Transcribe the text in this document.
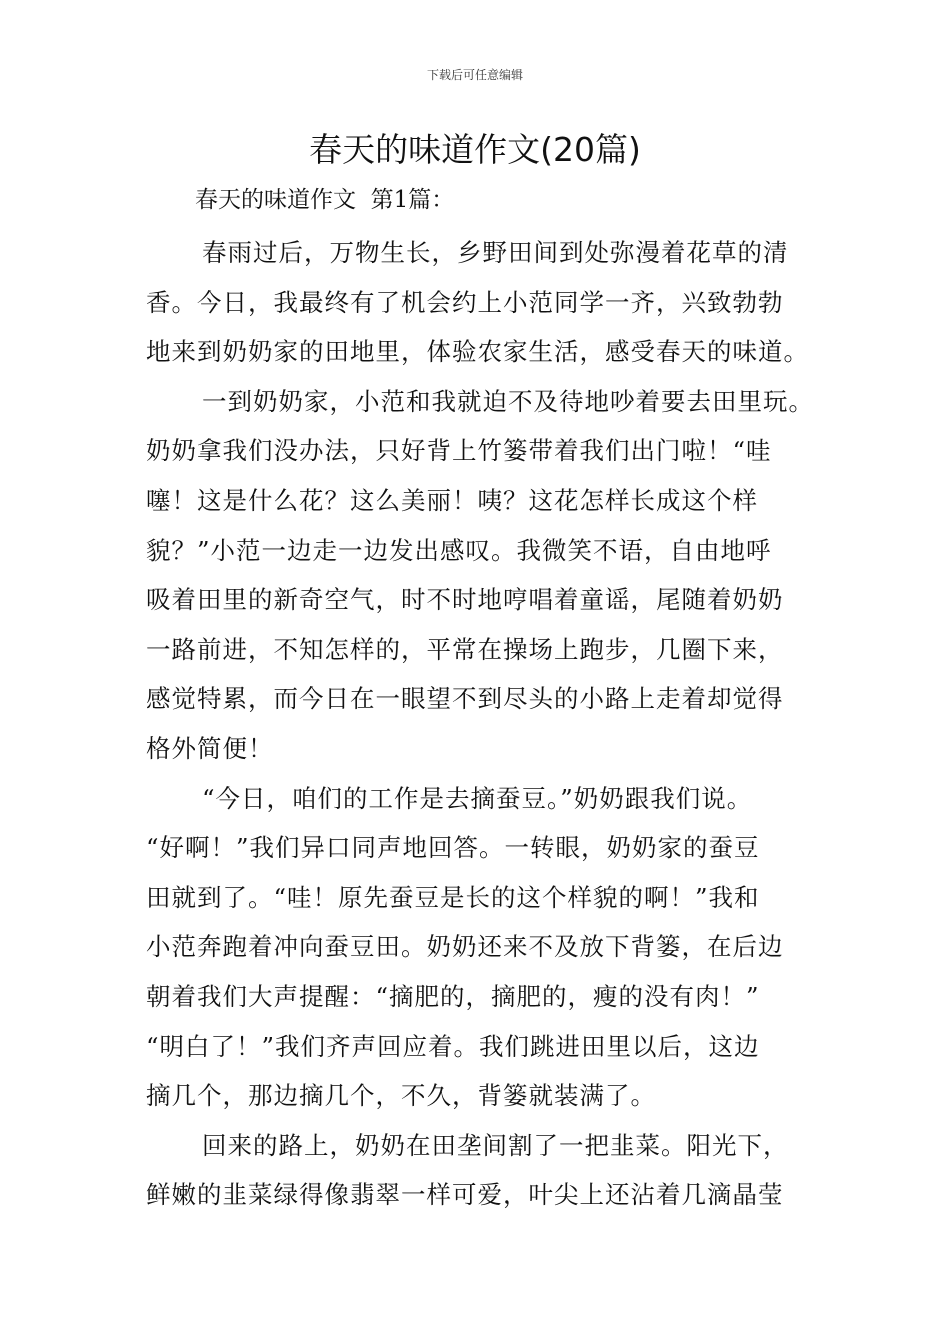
下载后可任意编辑
春天的味道作文(20篇)
春天的味道作文  第1篇：
春雨过后，万物生长，乡野田间到处弥漫着花草的清
香。今日，我最终有了机会约上小范同学一齐，兴致勃勃
地来到奶奶家的田地里，体验农家生活，感受春天的味道。
一到奶奶家，小范和我就迫不及待地吵着要去田里玩。
奶奶拿我们没办法，只好背上竹篓带着我们出门啦！“哇
噻！这是什么花？这么美丽！咦？这花怎样长成这个样
貌？”小范一边走一边发出感叹。我微笑不语，自由地呼
吸着田里的新奇空气，时不时地哼唱着童谣，尾随着奶奶
一路前进，不知怎样的，平常在操场上跑步，几圈下来，
感觉特累，而今日在一眼望不到尽头的小路上走着却觉得
格外简便！
“今日，咱们的工作是去摘蚕豆。”奶奶跟我们说。
“好啊！”我们异口同声地回答。一转眼，奶奶家的蚕豆
田就到了。“哇！原先蚕豆是长的这个样貌的啊！”我和
小范奔跑着冲向蚕豆田。奶奶还来不及放下背篓，在后边
朝着我们大声提醒：“摘肥的，摘肥的，瘦的没有肉！”
“明白了！”我们齐声回应着。我们跳进田里以后，这边
摘几个，那边摘几个，不久，背篓就装满了。
回来的路上，奶奶在田垄间割了一把韭菜。阳光下，
鲜嫩的韭菜绿得像翡翠一样可爱，叶尖上还沾着几滴晶莹
